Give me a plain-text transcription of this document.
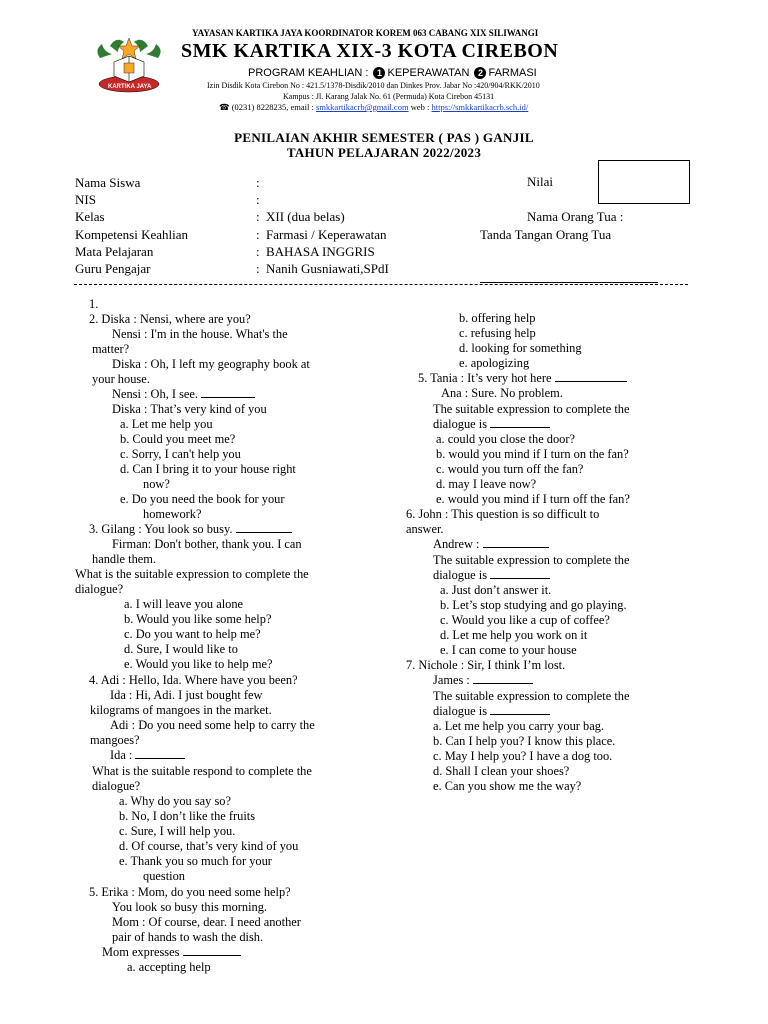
KARTIKA JAYA
YAYASAN KARTIKA JAYA KOORDINATOR KOREM 063 CABANG XIX SILIWANGI
SMK KARTIKA XIX-3 KOTA CIREBON
PROGRAM KEAHLIAN : 1 KEPERAWATAN 2 FARMASI
Izin Disdik Kota Cirebon No : 421.5/1378-Disdik/2010 dan Dinkes Prov. Jabar No :420/904/RKK/2010
Kampus : Jl. Karang Jalak No. 61 (Permuda) Kota Cirebon 45131
☎ (0231) 8228235, email : smkkartikacrb@gmail.com web : https://smkkartikacrb.sch.id/
PENILAIAN AKHIR SEMESTER ( PAS ) GANJIL
TAHUN PELAJARAN 2022/2023
Nama Siswa	:	Nilai
NIS	:
Kelas	: XII (dua belas)	Nama Orang Tua :
Kompetensi Keahlian	: Farmasi / Keperawatan	Tanda Tangan Orang Tua
Mata Pelajaran	: BAHASA INGGRIS
Guru Pengajar	: Nanih Gusniawati,SPdI
1.
2. Diska : Nensi, where are you?
Nensi : I'm in the house. What's the
matter?
Diska : Oh, I left my geography book at
your house.
Nensi : Oh, I see.
Diska : That’s very kind of you
a. Let me help you
b. Could you meet me?
c. Sorry, I can't help you
d. Can I bring it to your house right
now?
e. Do you need the book for your
homework?
3. Gilang : You look so busy.
Firman: Don't bother, thank you. I can
handle them.
What is the suitable expression to complete the
dialogue?
a. I will leave you alone
b. Would you like some help?
c. Do you want to help me?
d. Sure, I would like to
e. Would you like to help me?
4. Adi : Hello, Ida. Where have you been?
Ida : Hi, Adi. I just bought few
kilograms of mangoes in the market.
Adi : Do you need some help to carry the
mangoes?
Ida :
What is the suitable respond to complete the
dialogue?
a. Why do you say so?
b. No, I don’t like the fruits
c. Sure, I will help you.
d. Of course, that’s very kind of you
e. Thank you so much for your
question
5. Erika : Mom, do you need some help?
You look so busy this morning.
Mom : Of course, dear. I need another
pair of hands to wash the dish.
Mom expresses
a. accepting help
b. offering help
c. refusing help
d. looking for something
e. apologizing
5. Tania : It’s very hot here
Ana : Sure. No problem.
The suitable expression to complete the
dialogue is
a. could you close the door?
b. would you mind if I turn on the fan?
c. would you turn off the fan?
d. may I leave now?
e. would you mind if I turn off the fan?
6. John : This question is so difficult to
answer.
Andrew :
The suitable expression to complete the
dialogue is
a. Just don’t answer it.
b. Let’s stop studying and go playing.
c. Would you like a cup of coffee?
d. Let me help you work on it
e. I can come to your house
7. Nichole : Sir, I think I’m lost.
James :
The suitable expression to complete the
dialogue is
a. Let me help you carry your bag.
b. Can I help you? I know this place.
c. May I help you? I have a dog too.
d. Shall I clean your shoes?
e. Can you show me the way?
